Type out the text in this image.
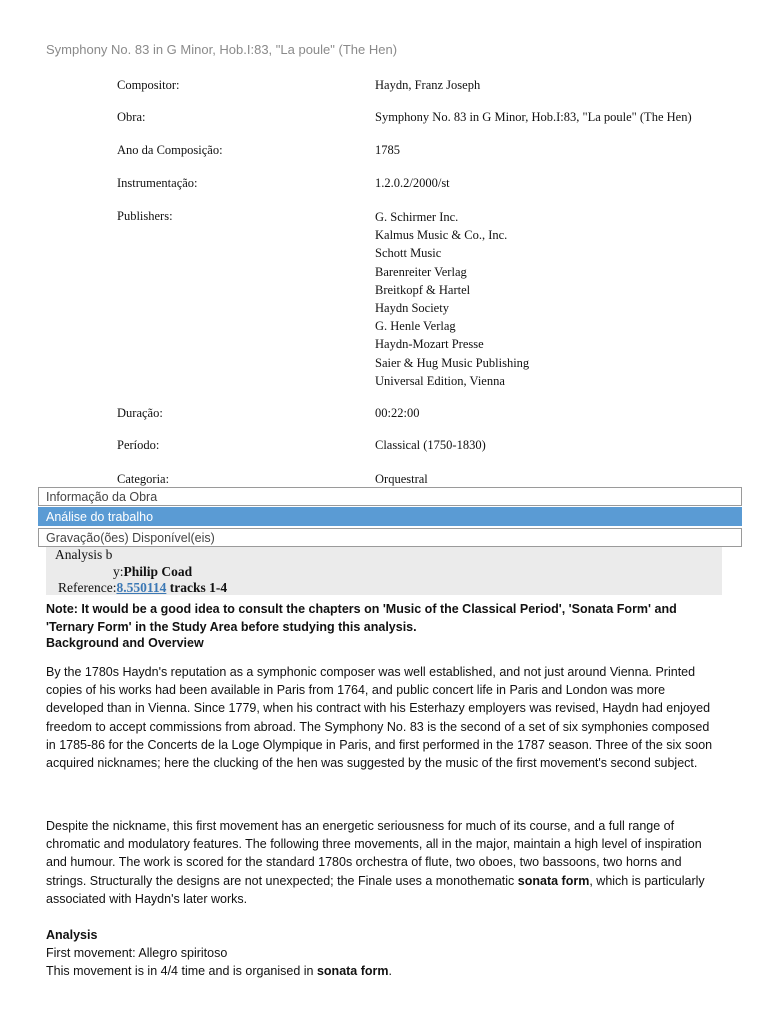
Symphony No. 83 in G Minor, Hob.I:83, "La poule" (The Hen)
Compositor:	Haydn, Franz Joseph
Obra:	Symphony No. 83 in G Minor, Hob.I:83, "La poule" (The Hen)
Ano da Composição:	1785
Instrumentação:	1.2.0.2/2000/st
Publishers:	G. Schirmer Inc.
Kalmus Music & Co., Inc.
Schott Music
Barenreiter Verlag
Breitkopf & Hartel
Haydn Society
G. Henle Verlag
Haydn-Mozart Presse
Saier & Hug Music Publishing
Universal Edition, Vienna
Duração:	00:22:00
Período:	Classical (1750-1830)
Categoria:	Orquestral
Informação da Obra
Análise do trabalho
Gravação(ões) Disponível(eis)
Analysis b
y:Philip Coad
Reference:8.550114 tracks 1-4
Note: It would be a good idea to consult the chapters on 'Music of the Classical Period', 'Sonata Form' and 'Ternary Form' in the Study Area before studying this analysis.
Background and Overview
By the 1780s Haydn's reputation as a symphonic composer was well established, and not just around Vienna. Printed copies of his works had been available in Paris from 1764, and public concert life in Paris and London was more developed than in Vienna. Since 1779, when his contract with his Esterhazy employers was revised, Haydn had enjoyed freedom to accept commissions from abroad. The Symphony No. 83 is the second of a set of six symphonies composed in 1785-86 for the Concerts de la Loge Olympique in Paris, and first performed in the 1787 season. Three of the six soon acquired nicknames; here the clucking of the hen was suggested by the music of the first movement's second subject.
Despite the nickname, this first movement has an energetic seriousness for much of its course, and a full range of chromatic and modulatory features. The following three movements, all in the major, maintain a high level of inspiration and humour. The work is scored for the standard 1780s orchestra of flute, two oboes, two bassoons, two horns and strings. Structurally the designs are not unexpected; the Finale uses a monothematic sonata form, which is particularly associated with Haydn's later works.
Analysis
First movement: Allegro spiritoso
This movement is in 4/4 time and is organised in sonata form.
